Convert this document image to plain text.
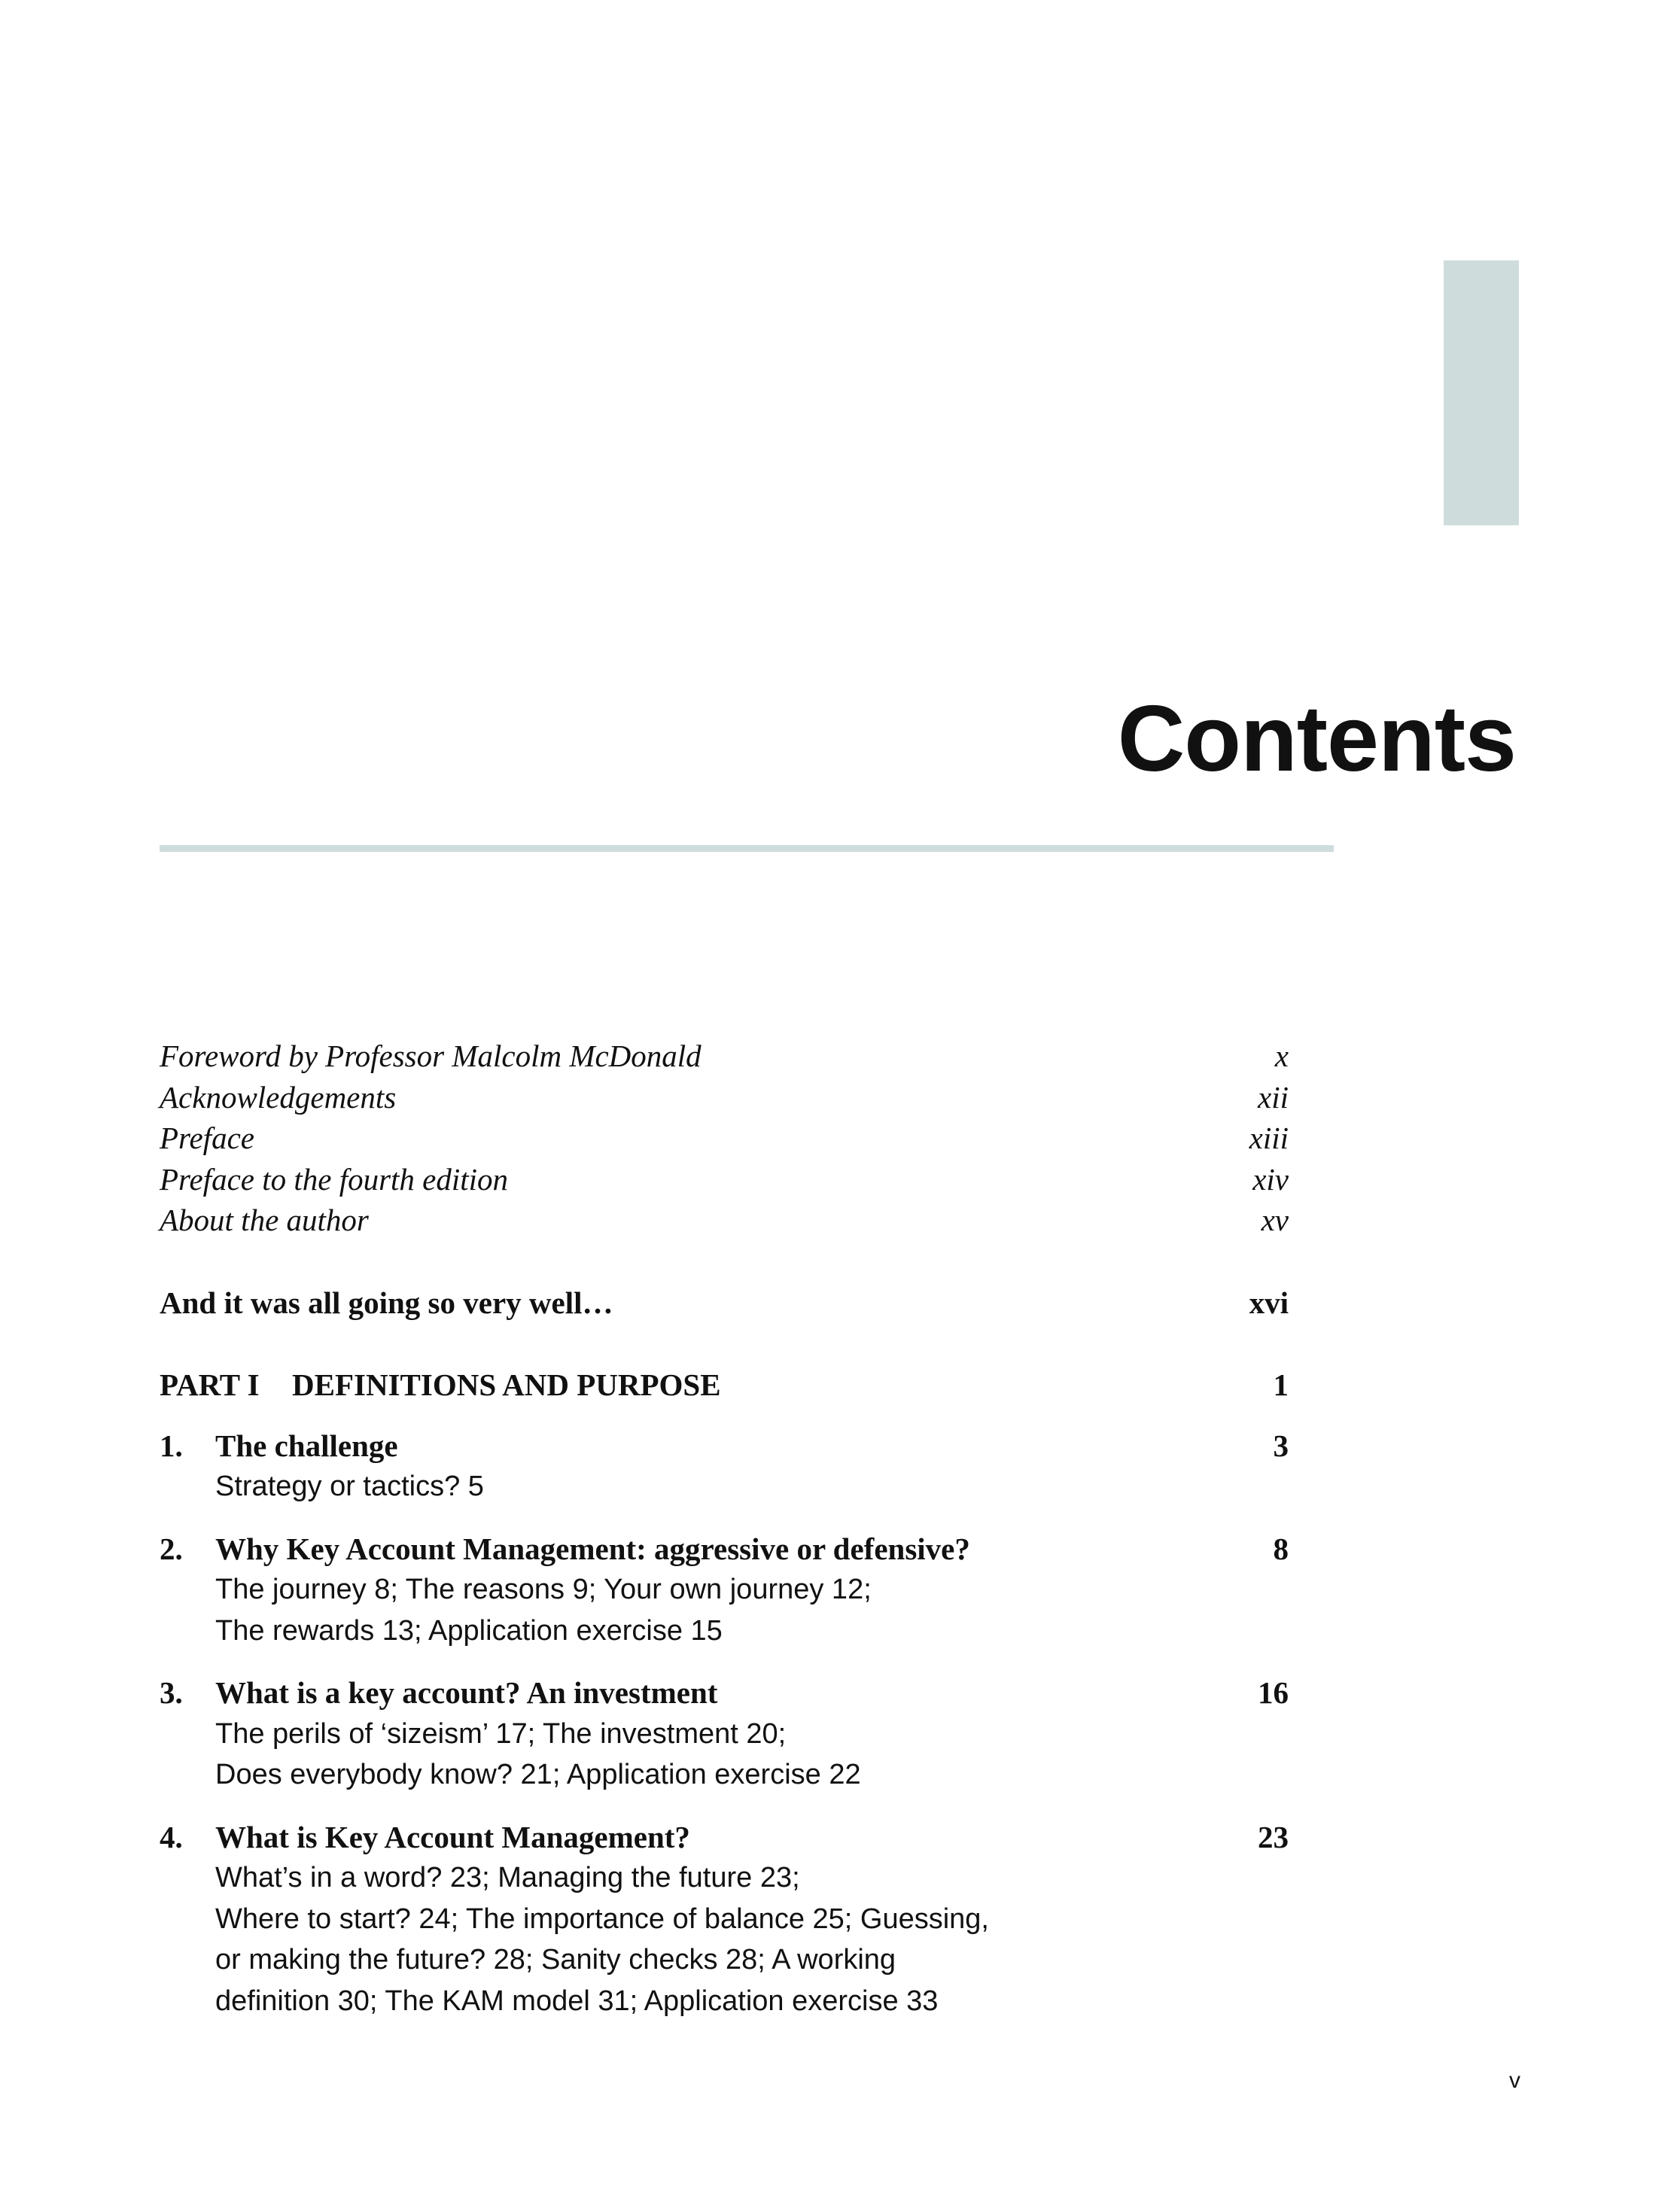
Contents
Foreword by Professor Malcolm McDonald	x
Acknowledgements	xii
Preface	xiii
Preface to the fourth edition	xiv
About the author	xv
And it was all going so very well…	xvi
PART I DEFINITIONS AND PURPOSE	1
1. The challenge	3
Strategy or tactics? 5
2. Why Key Account Management: aggressive or defensive?	8
The journey 8; The reasons 9; Your own journey 12;
The rewards 13; Application exercise 15
3. What is a key account? An investment	16
The perils of ‘sizeism’ 17; The investment 20;
Does everybody know? 21; Application exercise 22
4. What is Key Account Management?	23
What’s in a word? 23; Managing the future 23;
Where to start? 24; The importance of balance 25; Guessing,
or making the future? 28; Sanity checks 28; A working
definition 30; The KAM model 31; Application exercise 33
v
